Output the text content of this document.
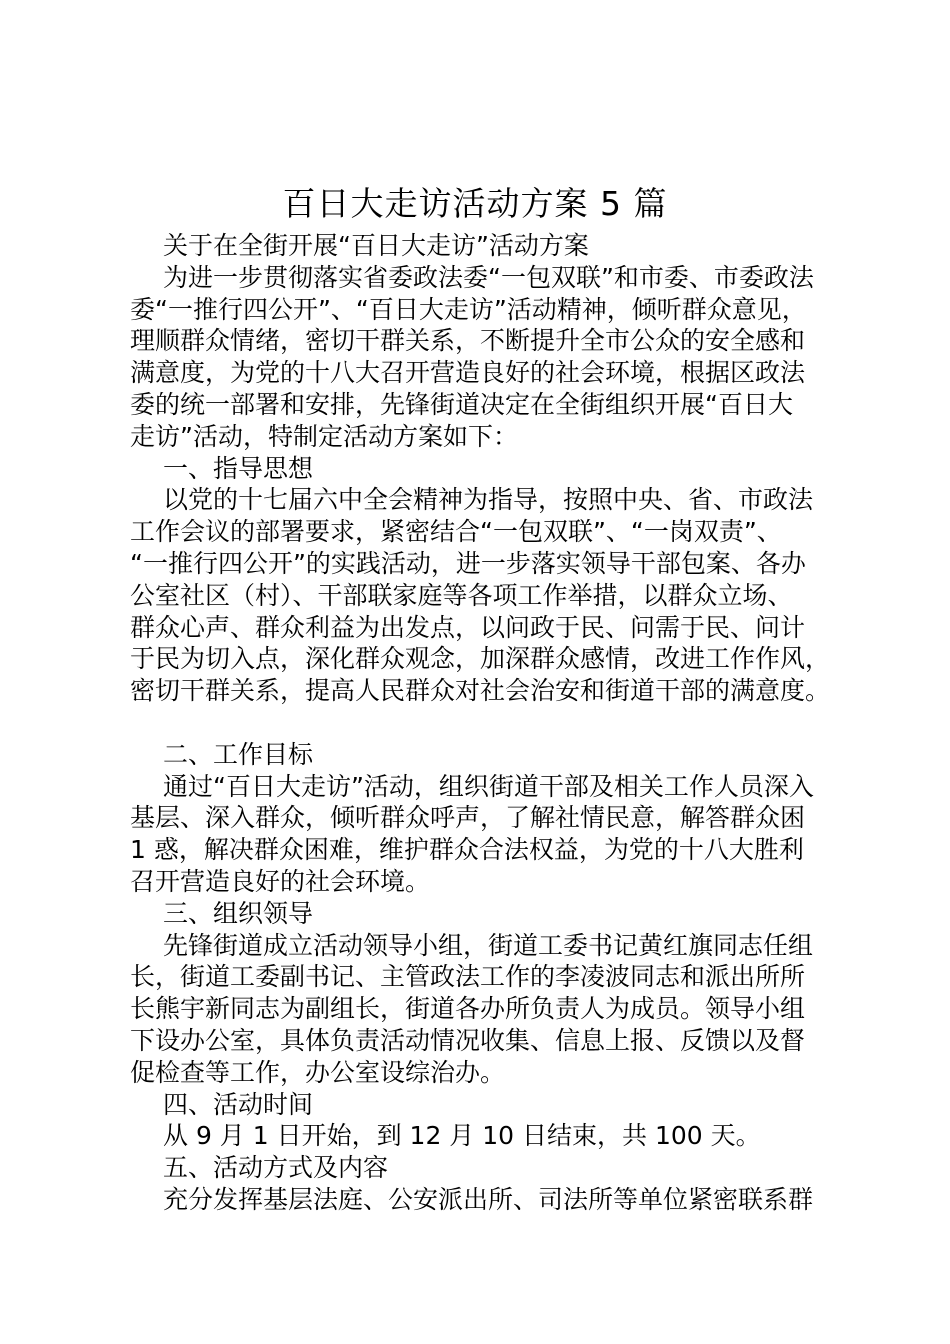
百日大走访活动方案 5 篇
关于在全街开展“百日大走访”活动方案
为进一步贯彻落实省委政法委“一包双联”和市委、市委政法
委“一推行四公开”、“百日大走访”活动精神，倾听群众意见，
理顺群众情绪，密切干群关系，不断提升全市公众的安全感和
满意度，为党的十八大召开营造良好的社会环境，根据区政法
委的统一部署和安排，先锋街道决定在全街组织开展“百日大
走访”活动，特制定活动方案如下：
一、指导思想
以党的十七届六中全会精神为指导，按照中央、省、市政法
工作会议的部署要求，紧密结合“一包双联”、“一岗双责”、
“一推行四公开”的实践活动，进一步落实领导干部包案、各办
公室社区（村）、干部联家庭等各项工作举措，以群众立场、
群众心声、群众利益为出发点，以问政于民、问需于民、问计
于民为切入点，深化群众观念，加深群众感情，改进工作作风，
密切干群关系，提高人民群众对社会治安和街道干部的满意度。
二、工作目标
通过“百日大走访”活动，组织街道干部及相关工作人员深入
基层、深入群众，倾听群众呼声，了解社情民意，解答群众困
1 惑，解决群众困难，维护群众合法权益，为党的十八大胜利
召开营造良好的社会环境。
三、组织领导
先锋街道成立活动领导小组，街道工委书记黄红旗同志任组
长，街道工委副书记、主管政法工作的李凌波同志和派出所所
长熊宇新同志为副组长，街道各办所负责人为成员。领导小组
下设办公室，具体负责活动情况收集、信息上报、反馈以及督
促检查等工作，办公室设综治办。
四、活动时间
从 9 月 1 日开始，到 12 月 10 日结束，共 100 天。
五、活动方式及内容
充分发挥基层法庭、公安派出所、司法所等单位紧密联系群
